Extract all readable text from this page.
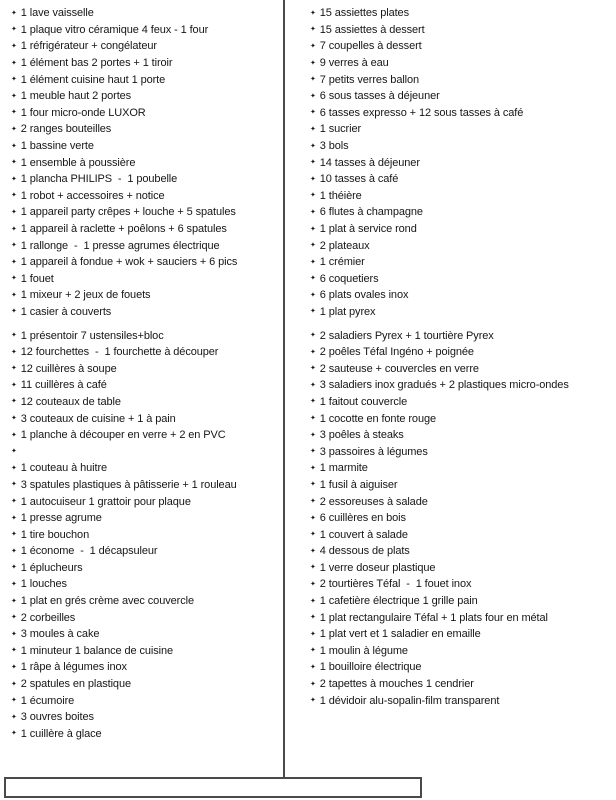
✦ 1 lave vaisselle
✦ 1 plaque vitro céramique 4 feux - 1 four
✦ 1 réfrigérateur + congélateur
✦ 1 élément bas 2 portes + 1 tiroir
✦ 1 élément cuisine haut 1 porte
✦ 1 meuble haut 2 portes
✦ 1 four micro-onde LUXOR
✦ 2 ranges bouteilles
✦ 1 bassine verte
✦ 1 ensemble à poussière
✦ 1 plancha PHILIPS  -  1 poubelle
✦ 1 robot + accessoires + notice
✦ 1 appareil party crêpes + louche + 5 spatules
✦ 1 appareil à raclette + poêlons + 6 spatules
✦ 1 rallonge  -  1 presse agrumes électrique
✦ 1 appareil à fondue + wok + sauciers + 6 pics
✦ 1 fouet
✦ 1 mixeur + 2 jeux de fouets
✦ 1 casier à couverts
✦ 1 présentoir 7 ustensiles+bloc
✦ 12 fourchettes  -  1 fourchette à découper
✦ 12 cuillères à soupe
✦ 11 cuillères à café
✦ 12 couteaux de table
✦ 3 couteaux de cuisine + 1 à pain
✦ 1 planche à découper en verre + 2 en PVC
✦
✦ 1 couteau à huitre
✦ 3 spatules plastiques à pâtisserie + 1 rouleau
✦ 1 autocuiseur 1 grattoir pour plaque
✦ 1 presse agrume
✦ 1 tire bouchon
✦ 1 économe  -  1 décapsuleur
✦ 1 éplucheurs
✦ 1 louches
✦ 1 plat en grés crème avec couvercle
✦ 2 corbeilles
✦ 3 moules à cake
✦ 1 minuteur 1 balance de cuisine
✦ 1 râpe à légumes inox
✦ 2 spatules en plastique
✦ 1 écumoire
✦ 3 ouvres boites
✦ 1 cuillère à glace
✦ 15 assiettes plates
✦ 15 assiettes à dessert
✦ 7 coupelles à dessert
✦ 9 verres à eau
✦ 7 petits verres ballon
✦ 6 sous tasses à déjeuner
✦ 6 tasses expresso + 12 sous tasses à café
✦ 1 sucrier
✦ 3 bols
✦ 14 tasses à déjeuner
✦ 10 tasses à café
✦ 1 théière
✦ 6 flutes à champagne
✦ 1 plat à service rond
✦ 2 plateaux
✦ 1 crémier
✦ 6 coquetiers
✦ 6 plats ovales inox
✦ 1 plat pyrex
✦ 2 saladiers Pyrex + 1 tourtière Pyrex
✦ 2 poêles Téfal Ingéno + poignée
✦ 2 sauteuse + couvercles en verre
✦ 3 saladiers inox gradués + 2 plastiques micro-ondes
✦ 1 faitout couvercle
✦ 1 cocotte en fonte rouge
✦ 3 poêles à steaks
✦ 3 passoires à légumes
✦ 1 marmite
✦ 1 fusil à aiguiser
✦ 2 essoreuses à salade
✦ 6 cuillères en bois
✦ 1 couvert à salade
✦ 4 dessous de plats
✦ 1 verre doseur plastique
✦ 2 tourtières Téfal  -  1 fouet inox
✦ 1 cafetière électrique 1 grille pain
✦ 1 plat rectangulaire Téfal + 1 plats four en métal
✦ 1 plat vert et 1 saladier en emaille
✦ 1 moulin à légume
✦ 1 bouilloire électrique
✦ 2 tapettes à mouches 1 cendrier
✦ 1 dévidoir alu-sopalin-film transparent
